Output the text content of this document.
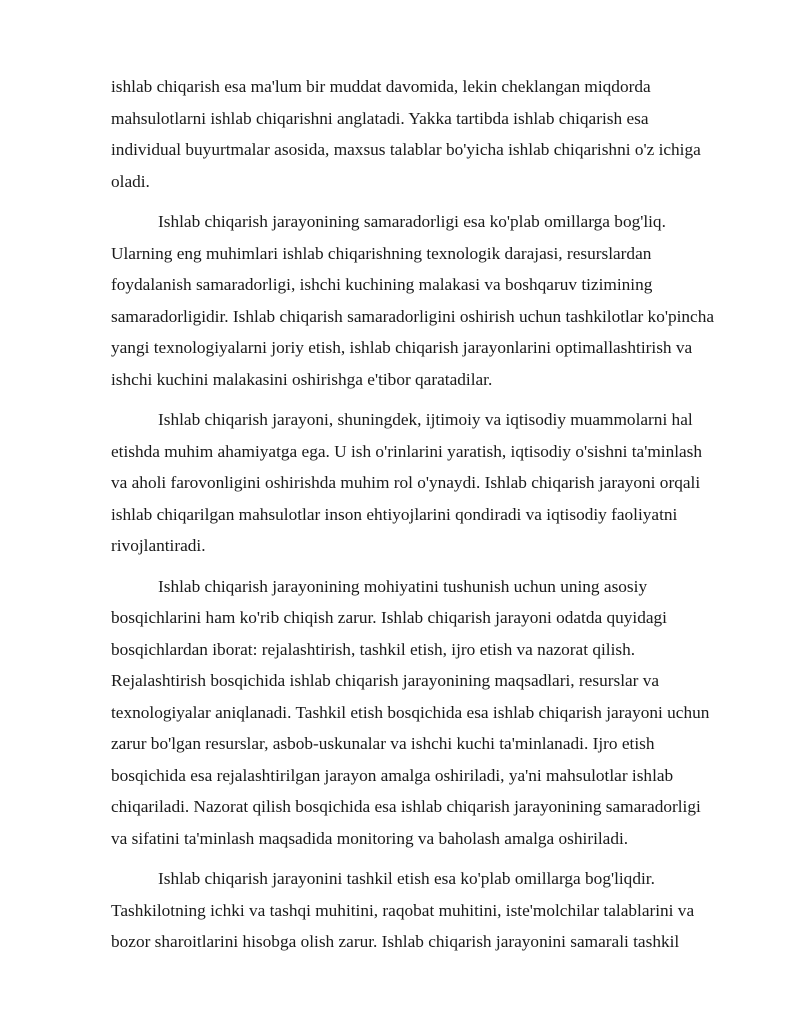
ishlab chiqarish esa ma'lum bir muddat davomida, lekin cheklangan miqdorda mahsulotlarni ishlab chiqarishni anglatadi. Yakka tartibda ishlab chiqarish esa individual buyurtmalar asosida, maxsus talablar bo'yicha ishlab chiqarishni o'z ichiga oladi.

Ishlab chiqarish jarayonining samaradorligi esa ko'plab omillarga bog'liq. Ularning eng muhimlari ishlab chiqarishning texnologik darajasi, resurslardan foydalanish samaradorligi, ishchi kuchining malakasi va boshqaruv tizimining samaradorligidir. Ishlab chiqarish samaradorligini oshirish uchun tashkilotlar ko'pincha yangi texnologiyalarni joriy etish, ishlab chiqarish jarayonlarini optimallashtirish va ishchi kuchini malakasini oshirishga e'tibor qaratadilar.

Ishlab chiqarish jarayoni, shuningdek, ijtimoiy va iqtisodiy muammolarni hal etishda muhim ahamiyatga ega. U ish o'rinlarini yaratish, iqtisodiy o'sishni ta'minlash va aholi farovonligini oshirishda muhim rol o'ynaydi. Ishlab chiqarish jarayoni orqali ishlab chiqarilgan mahsulotlar inson ehtiyojlarini qondiradi va iqtisodiy faoliyatni rivojlantiradi.

Ishlab chiqarish jarayonining mohiyatini tushunish uchun uning asosiy bosqichlarini ham ko'rib chiqish zarur. Ishlab chiqarish jarayoni odatda quyidagi bosqichlardan iborat: rejalashtirish, tashkil etish, ijro etish va nazorat qilish. Rejalashtirish bosqichida ishlab chiqarish jarayonining maqsadlari, resurslar va texnologiyalar aniqlanadi. Tashkil etish bosqichida esa ishlab chiqarish jarayoni uchun zarur bo'lgan resurslar, asbob-uskunalar va ishchi kuchi ta'minlanadi. Ijro etish bosqichida esa rejalashtirilgan jarayon amalga oshiriladi, ya'ni mahsulotlar ishlab chiqariladi. Nazorat qilish bosqichida esa ishlab chiqarish jarayonining samaradorligi va sifatini ta'minlash maqsadida monitoring va baholash amalga oshiriladi.

Ishlab chiqarish jarayonini tashkil etish esa ko'plab omillarga bog'liqdir. Tashkilotning ichki va tashqi muhitini, raqobat muhitini, iste'molchilar talablarini va bozor sharoitlarini hisobga olish zarur. Ishlab chiqarish jarayonini samarali tashkil
